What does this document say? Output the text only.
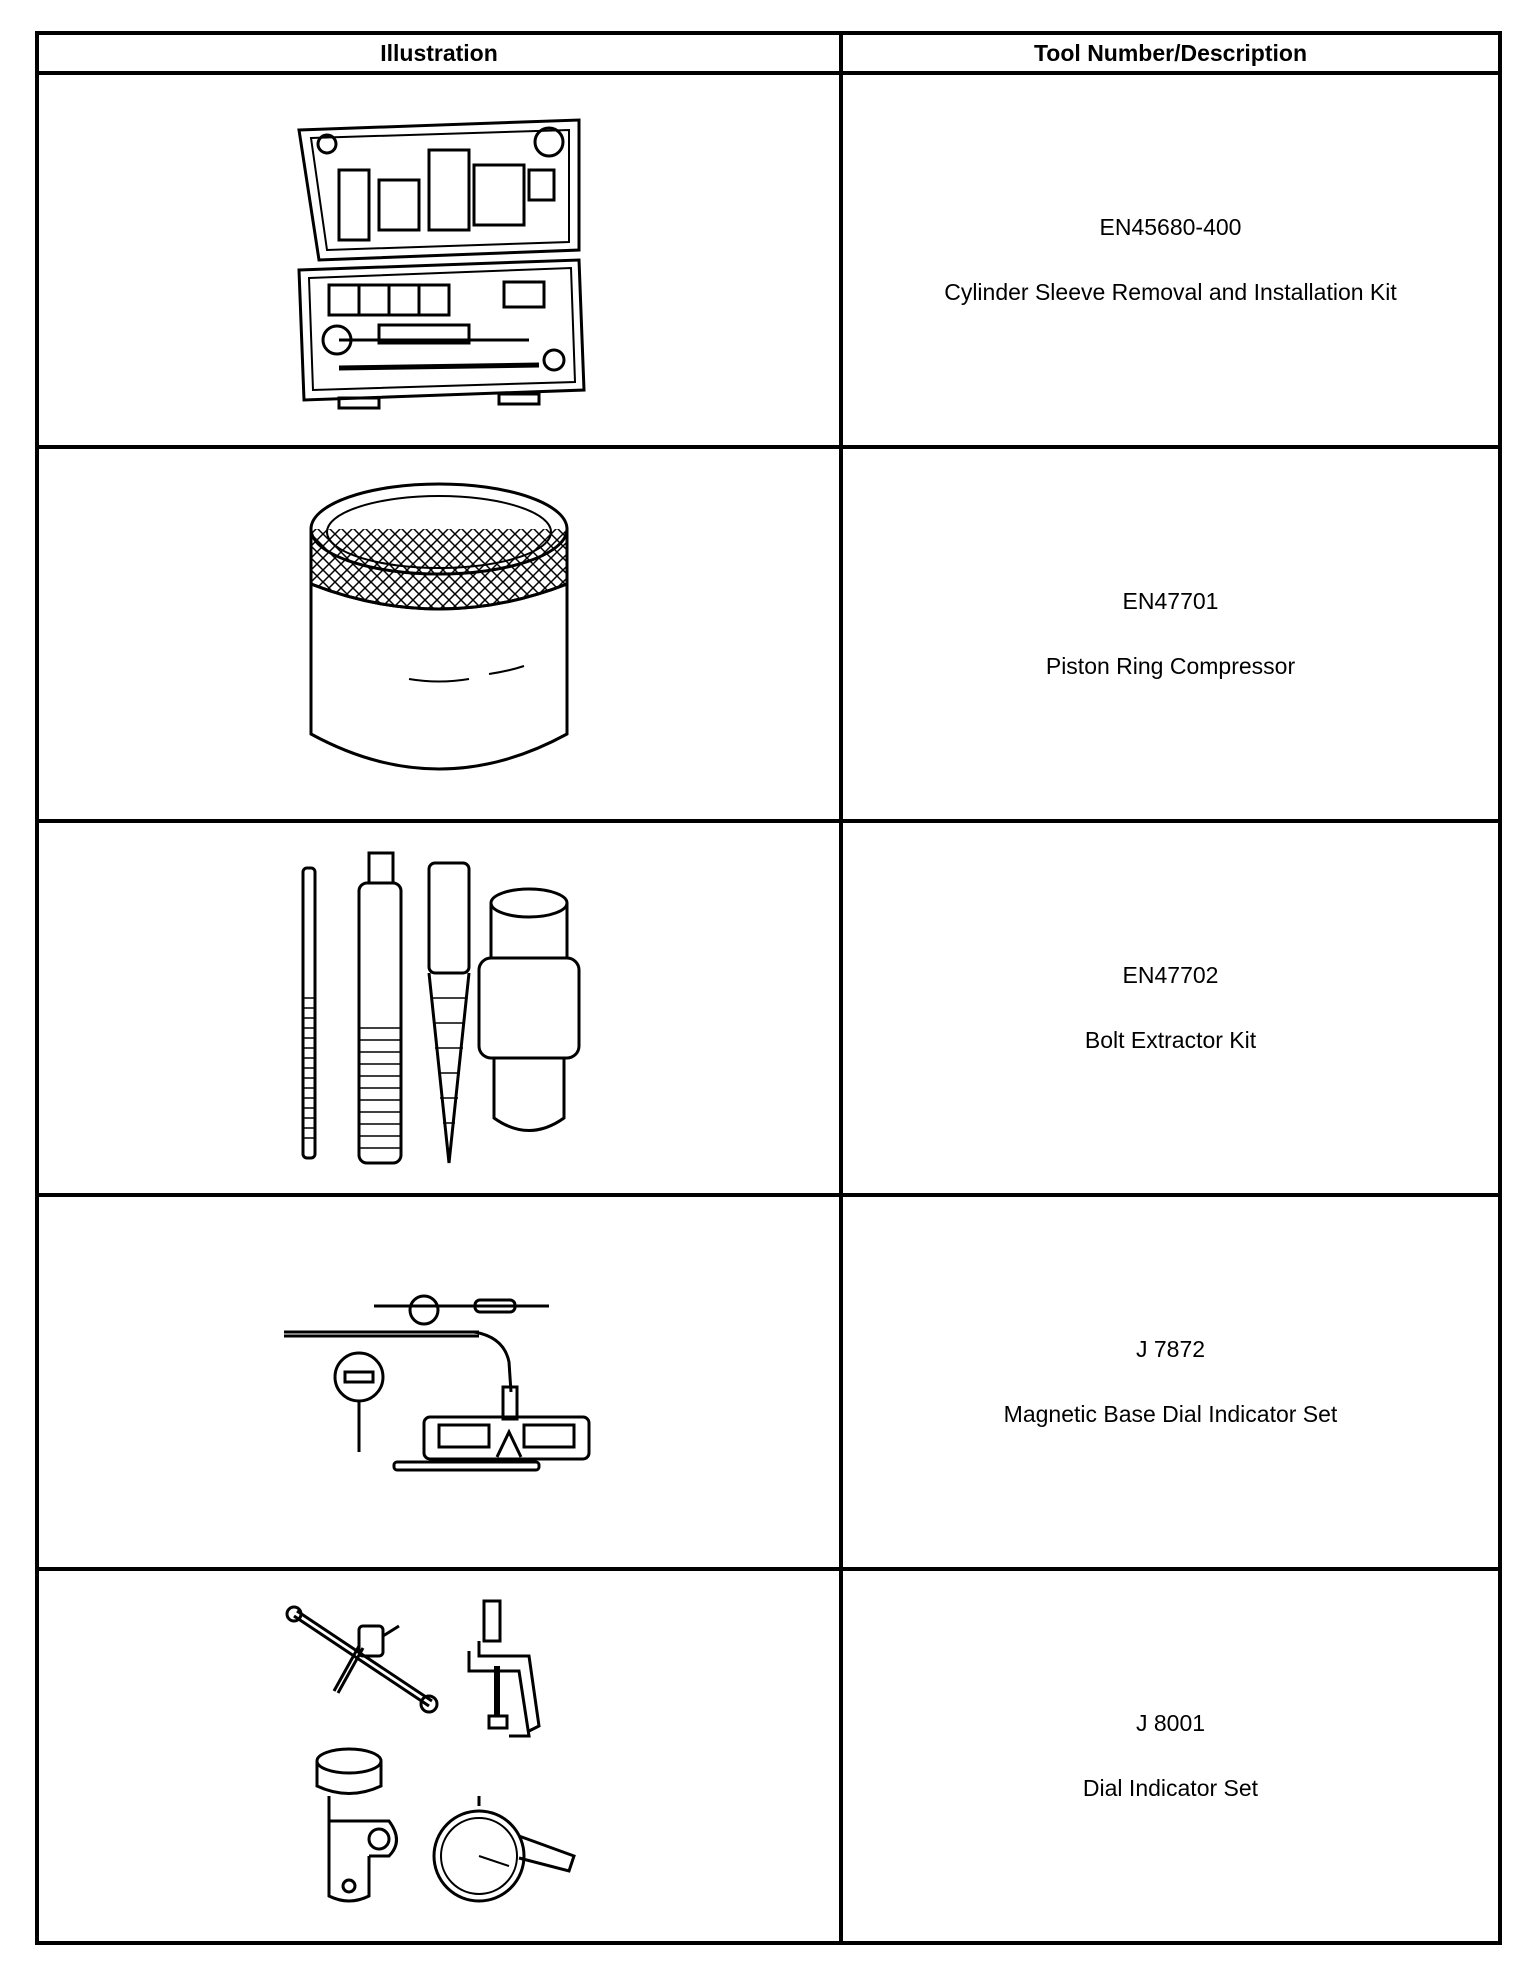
Illustration	Tool Number/Description

EN45680-400
Cylinder Sleeve Removal and Installation Kit

EN47701
Piston Ring Compressor

EN47702
Bolt Extractor Kit

J 7872
Magnetic Base Dial Indicator Set

J 8001
Dial Indicator Set
